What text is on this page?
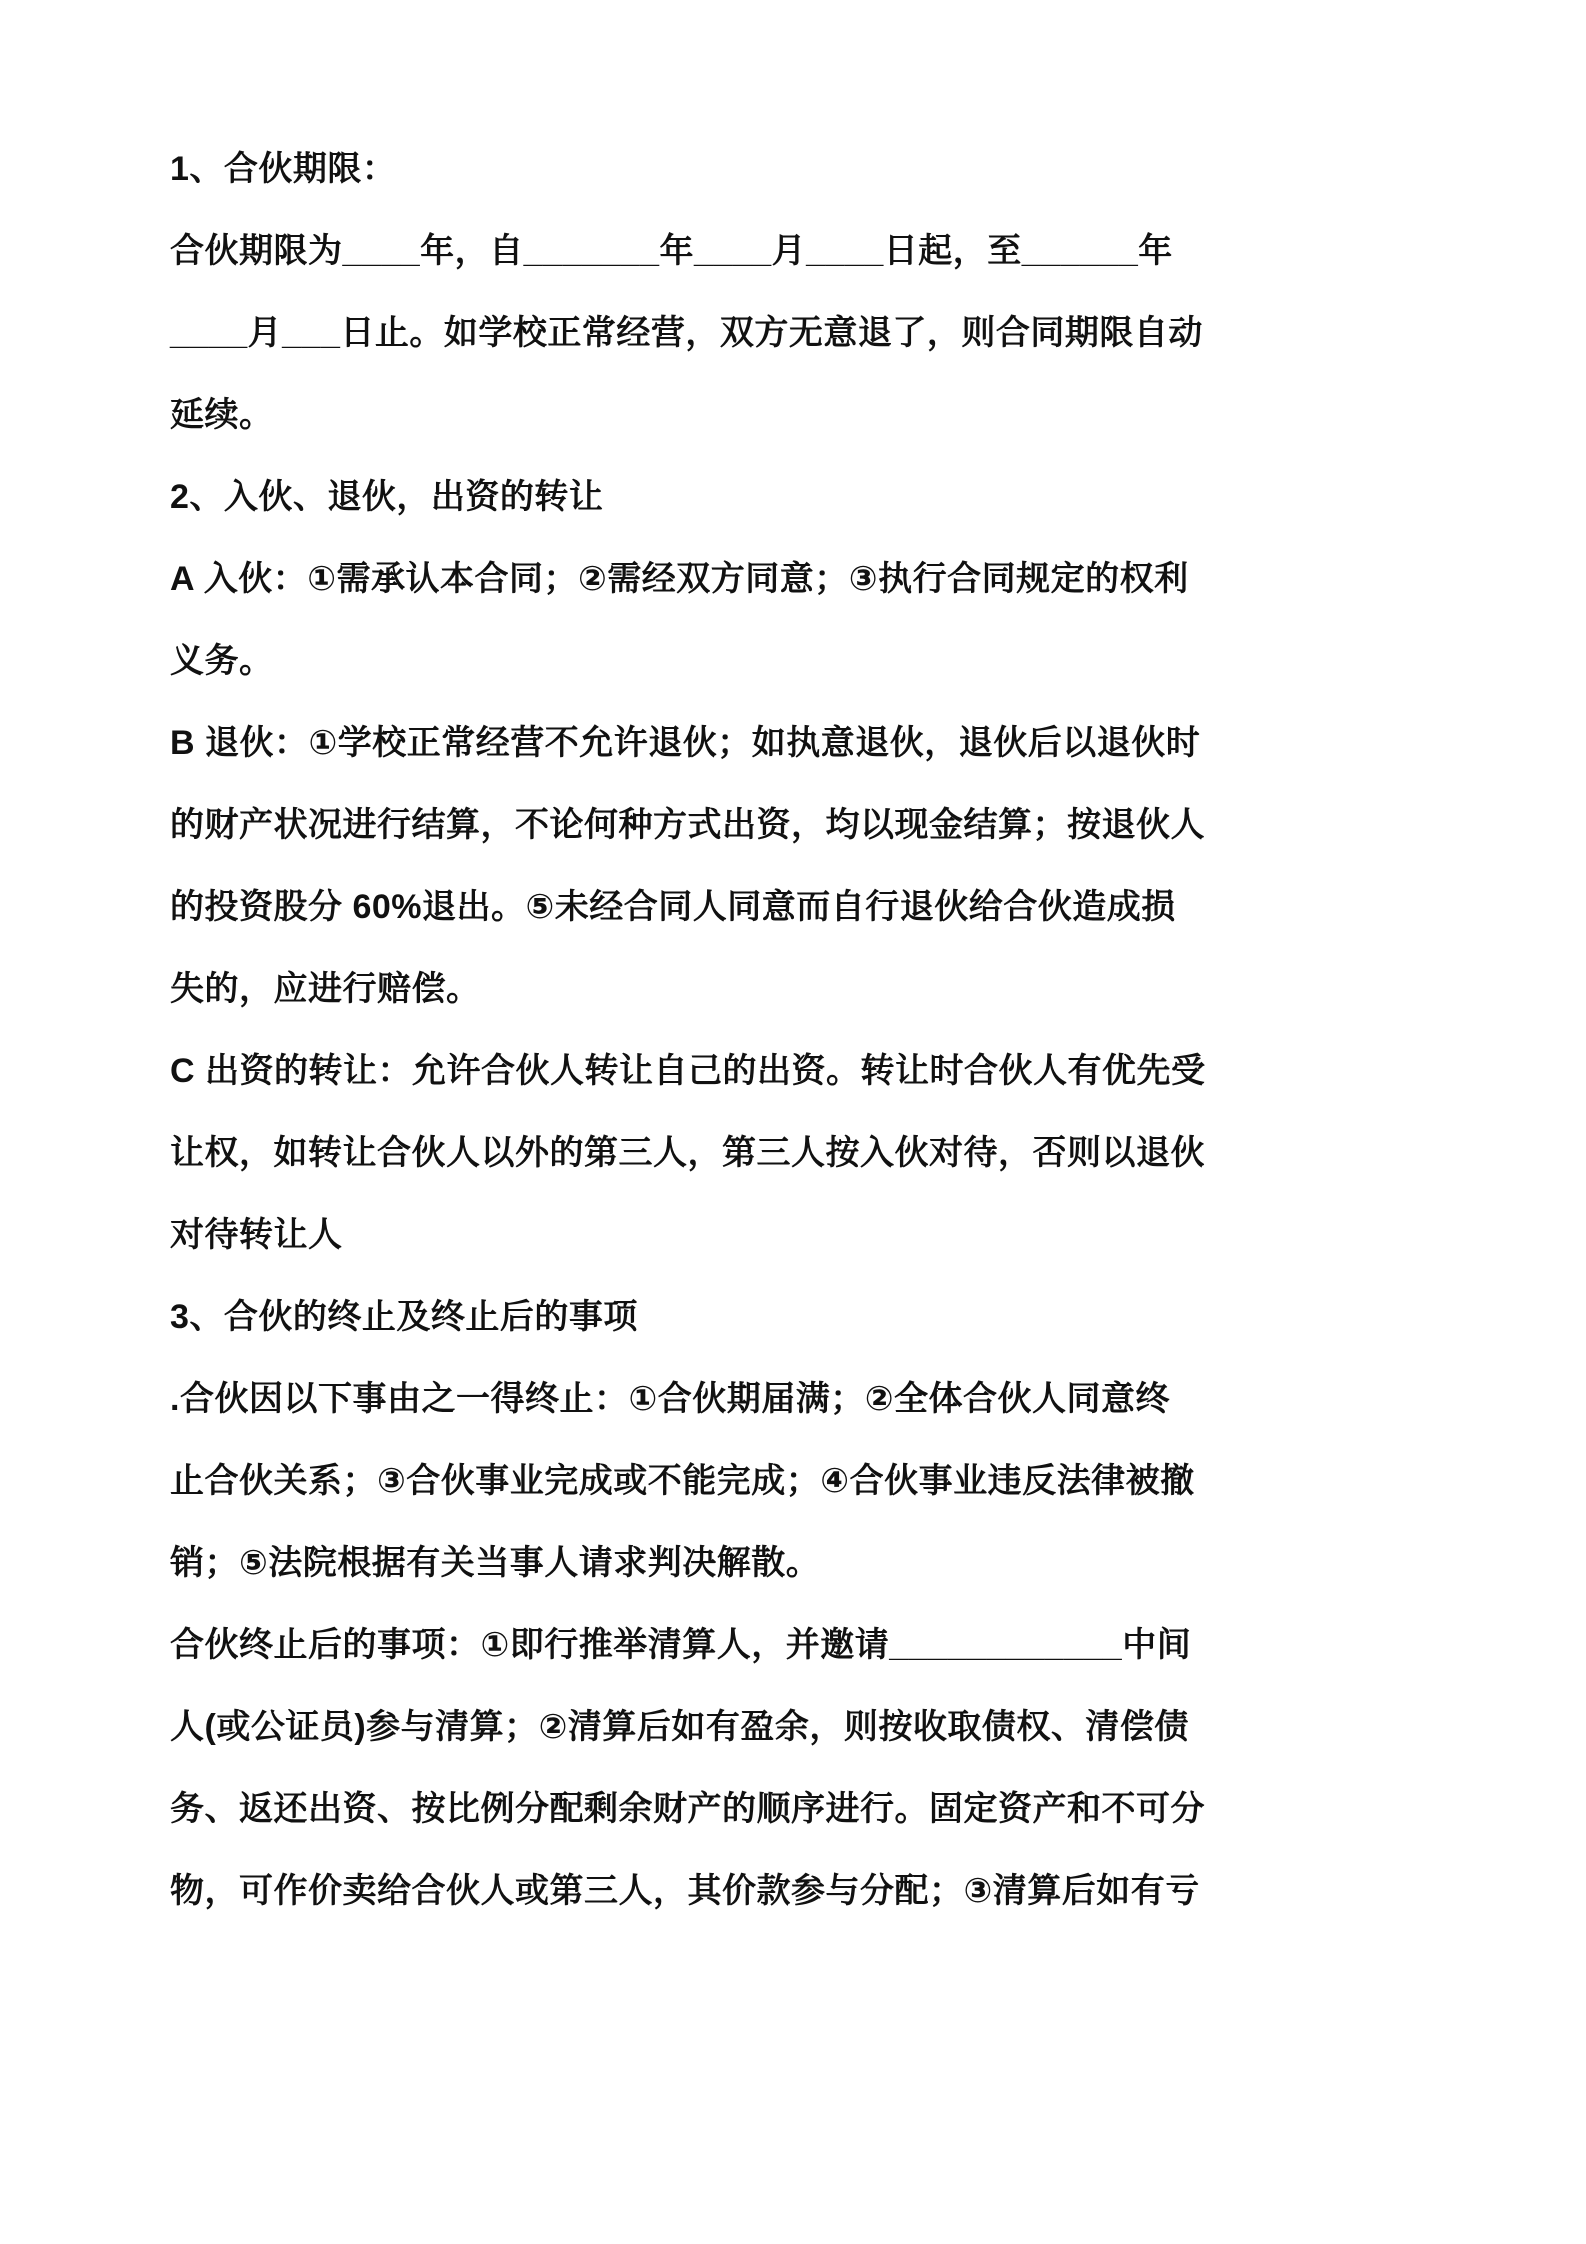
1、合伙期限：
合伙期限为____年，自_______年____月____日起，至______年
____月___日止。如学校正常经营，双方无意退了，则合同期限自动
延续。
2、入伙、退伙，出资的转让
A 入伙：①需承认本合同；②需经双方同意；③执行合同规定的权利
义务。
B 退伙：①学校正常经营不允许退伙；如执意退伙，退伙后以退伙时
的财产状况进行结算，不论何种方式出资，均以现金结算；按退伙人
的投资股分 60%退出。⑤未经合同人同意而自行退伙给合伙造成损
失的，应进行赔偿。
C 出资的转让：允许合伙人转让自己的出资。转让时合伙人有优先受
让权，如转让合伙人以外的第三人，第三人按入伙对待，否则以退伙
对待转让人
3、合伙的终止及终止后的事项
.合伙因以下事由之一得终止：①合伙期届满；②全体合伙人同意终
止合伙关系；③合伙事业完成或不能完成；④合伙事业违反法律被撤
销；⑤法院根据有关当事人请求判决解散。
合伙终止后的事项：①即行推举清算人，并邀请____________中间
人(或公证员)参与清算；②清算后如有盈余，则按收取债权、清偿债
务、返还出资、按比例分配剩余财产的顺序进行。固定资产和不可分
物，可作价卖给合伙人或第三人，其价款参与分配；③清算后如有亏
